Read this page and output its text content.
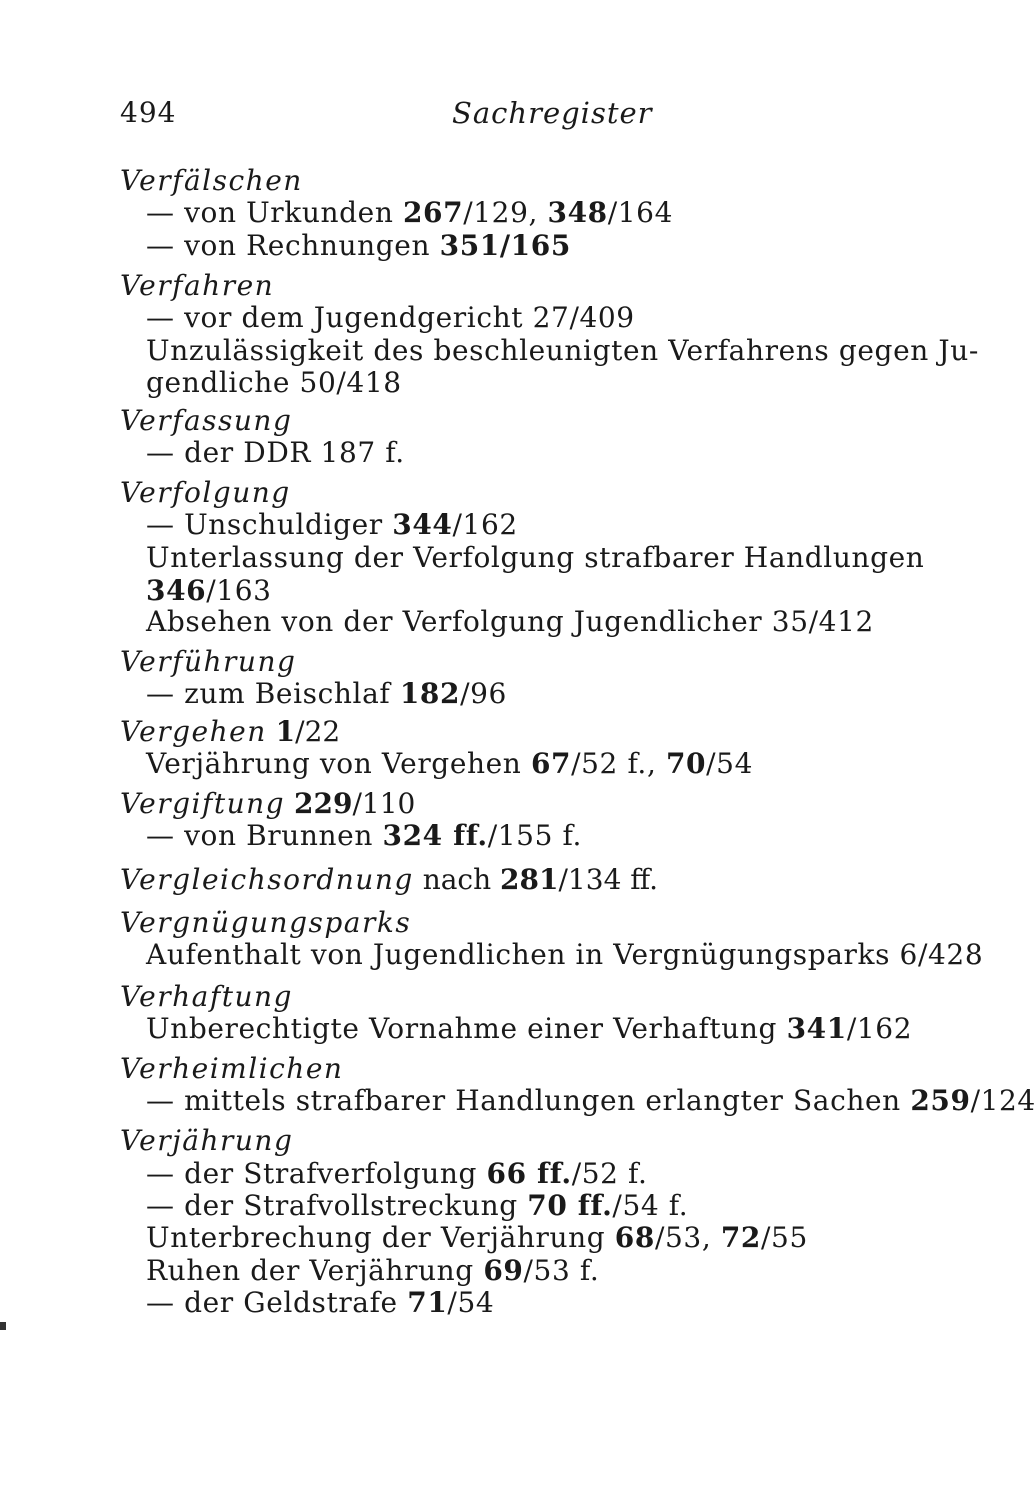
494	Sachregister
Verfälschen
— von Urkunden 267/129, 348/164
— von Rechnungen 351/165
Verfahren
— vor dem Jugendgericht 27/409
Unzulässigkeit des beschleunigten Verfahrens gegen Ju-
gendliche 50/418
Verfassung
— der DDR 187 f.
Verfolgung
— Unschuldiger 344/162
Unterlassung der Verfolgung strafbarer Handlungen
346/163
Absehen von der Verfolgung Jugendlicher 35/412
Verführung
— zum Beischlaf 182/96
Vergehen 1/22
Verjährung von Vergehen 67/52 f., 70/54
Vergiftung 229/110
— von Brunnen 324 ff./155 f.
Vergleichsordnung nach 281/134 ff.
Vergnügungsparks
Aufenthalt von Jugendlichen in Vergnügungsparks 6/428
Verhaftung
Unberechtigte Vornahme einer Verhaftung 341/162
Verheimlichen
— mittels strafbarer Handlungen erlangter Sachen 259/124
Verjährung
— der Strafverfolgung 66 ff./52 f.
— der Strafvollstreckung 70 ff./54 f.
Unterbrechung der Verjährung 68/53, 72/55
Ruhen der Verjährung 69/53 f.
— der Geldstrafe 71/54
